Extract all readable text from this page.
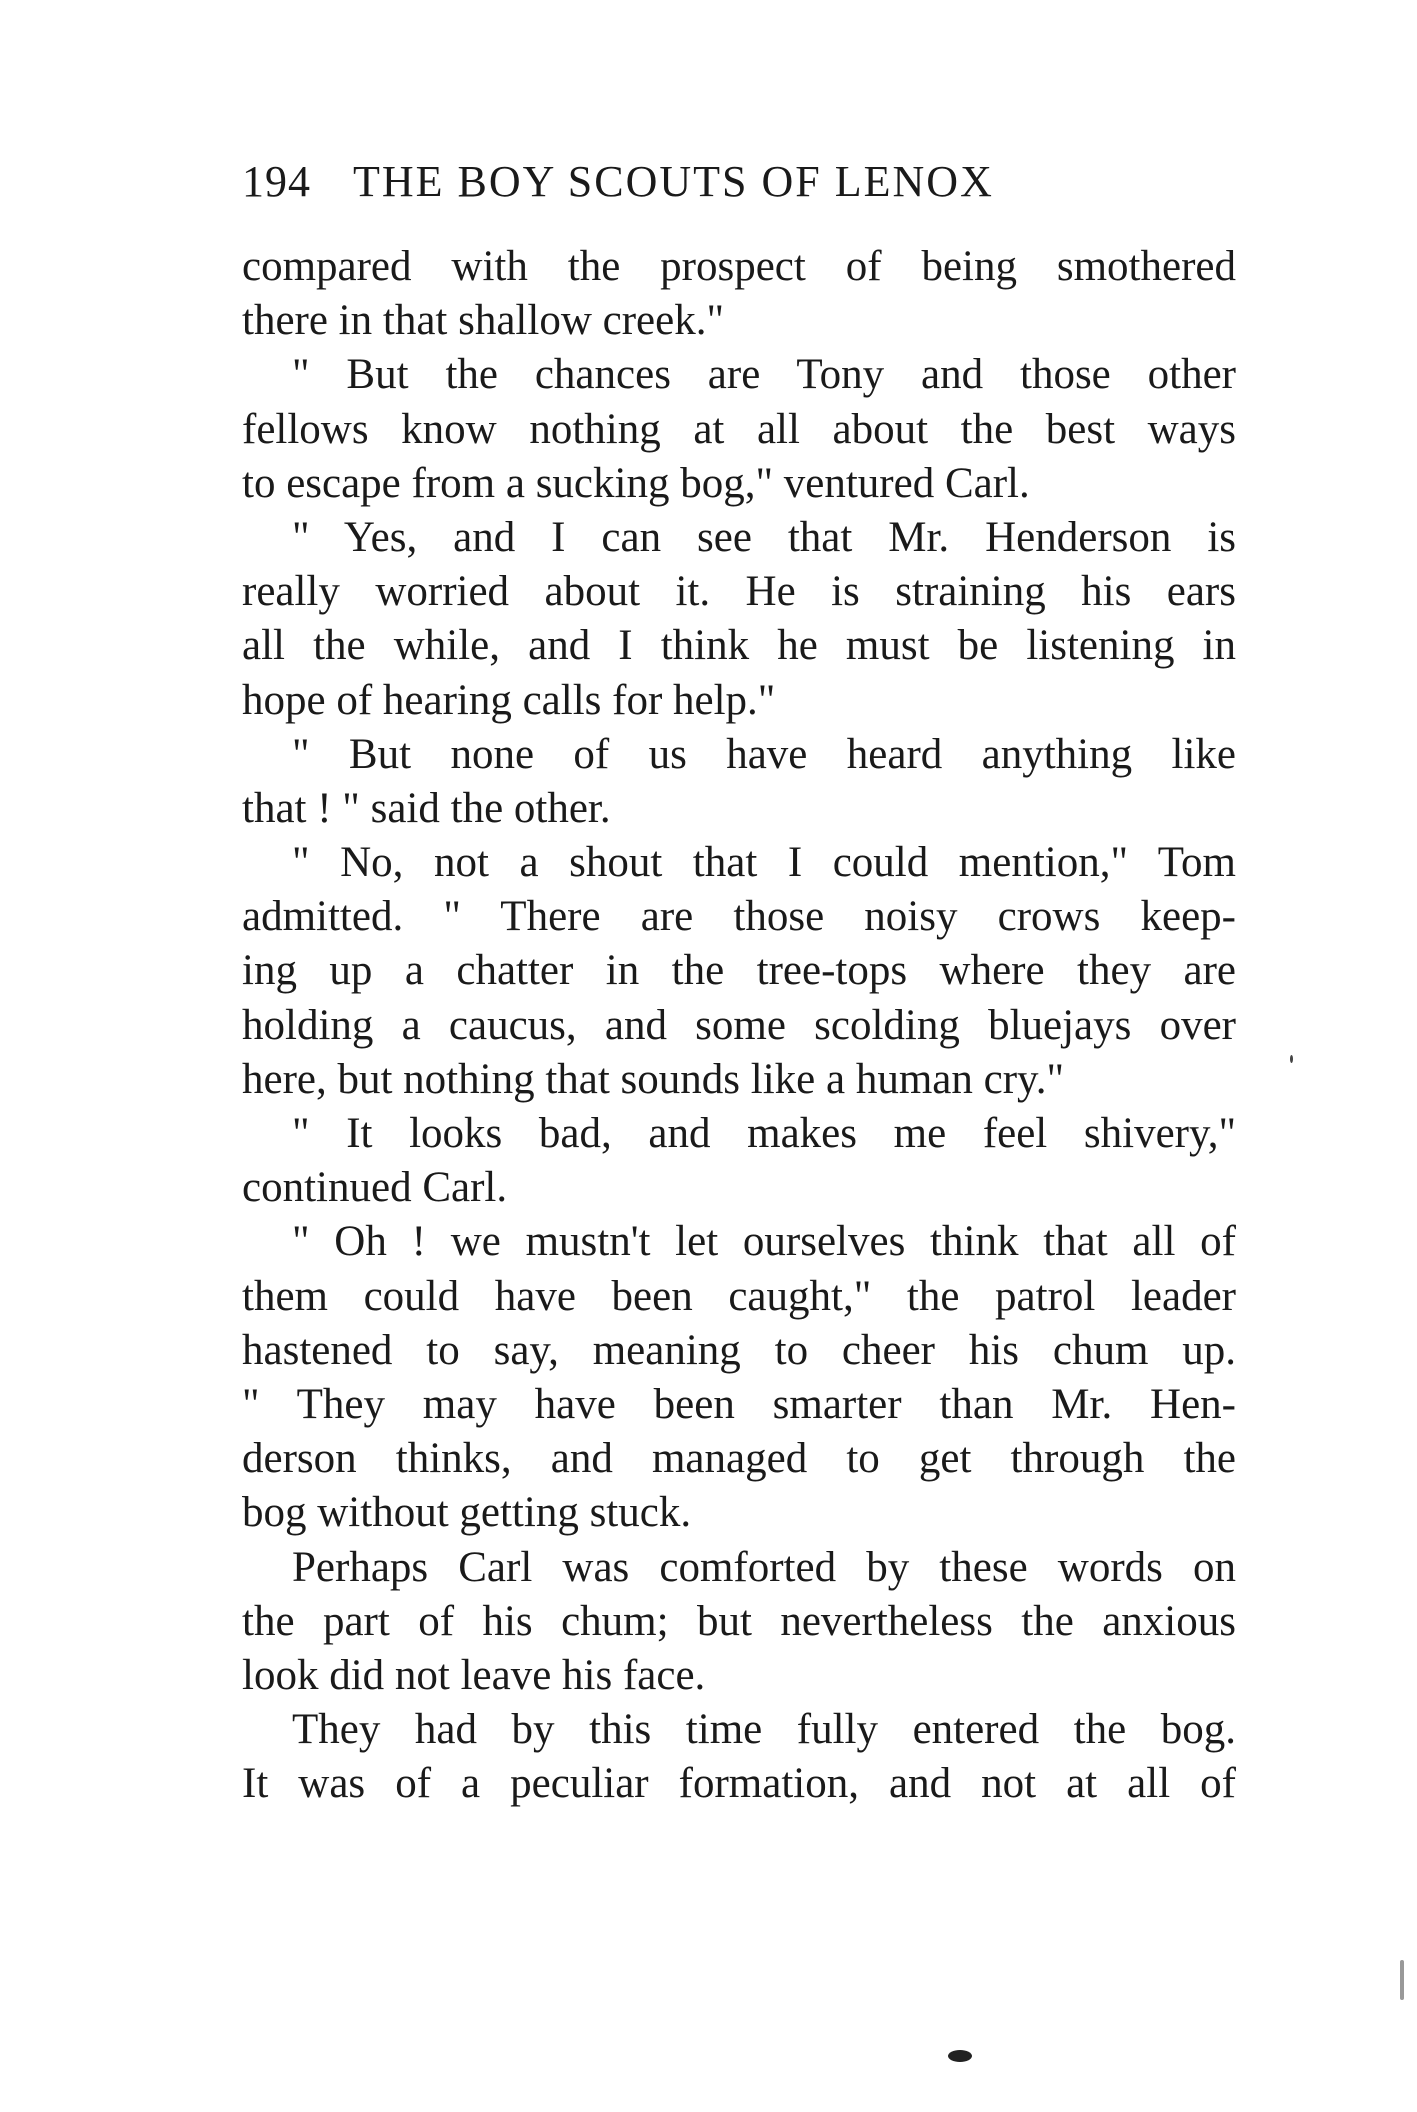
194 THE BOY SCOUTS OF LENOX
compared with the prospect of being smothered
there in that shallow creek."
" But the chances are Tony and those other
fellows know nothing at all about the best ways
to escape from a sucking bog," ventured Carl.
" Yes, and I can see that Mr. Henderson is
really worried about it. He is straining his ears
all the while, and I think he must be listening in
hope of hearing calls for help."
" But none of us have heard anything like
that ! " said the other.
" No, not a shout that I could mention," Tom
admitted. " There are those noisy crows keep-
ing up a chatter in the tree-tops where they are
holding a caucus, and some scolding bluejays over
here, but nothing that sounds like a human cry."
" It looks bad, and makes me feel shivery,"
continued Carl.
" Oh ! we mustn't let ourselves think that all of
them could have been caught," the patrol leader
hastened to say, meaning to cheer his chum up.
" They may have been smarter than Mr. Hen-
derson thinks, and managed to get through the
bog without getting stuck.
Perhaps Carl was comforted by these words on
the part of his chum; but nevertheless the anxious
look did not leave his face.
They had by this time fully entered the bog.
It was of a peculiar formation, and not at all of
